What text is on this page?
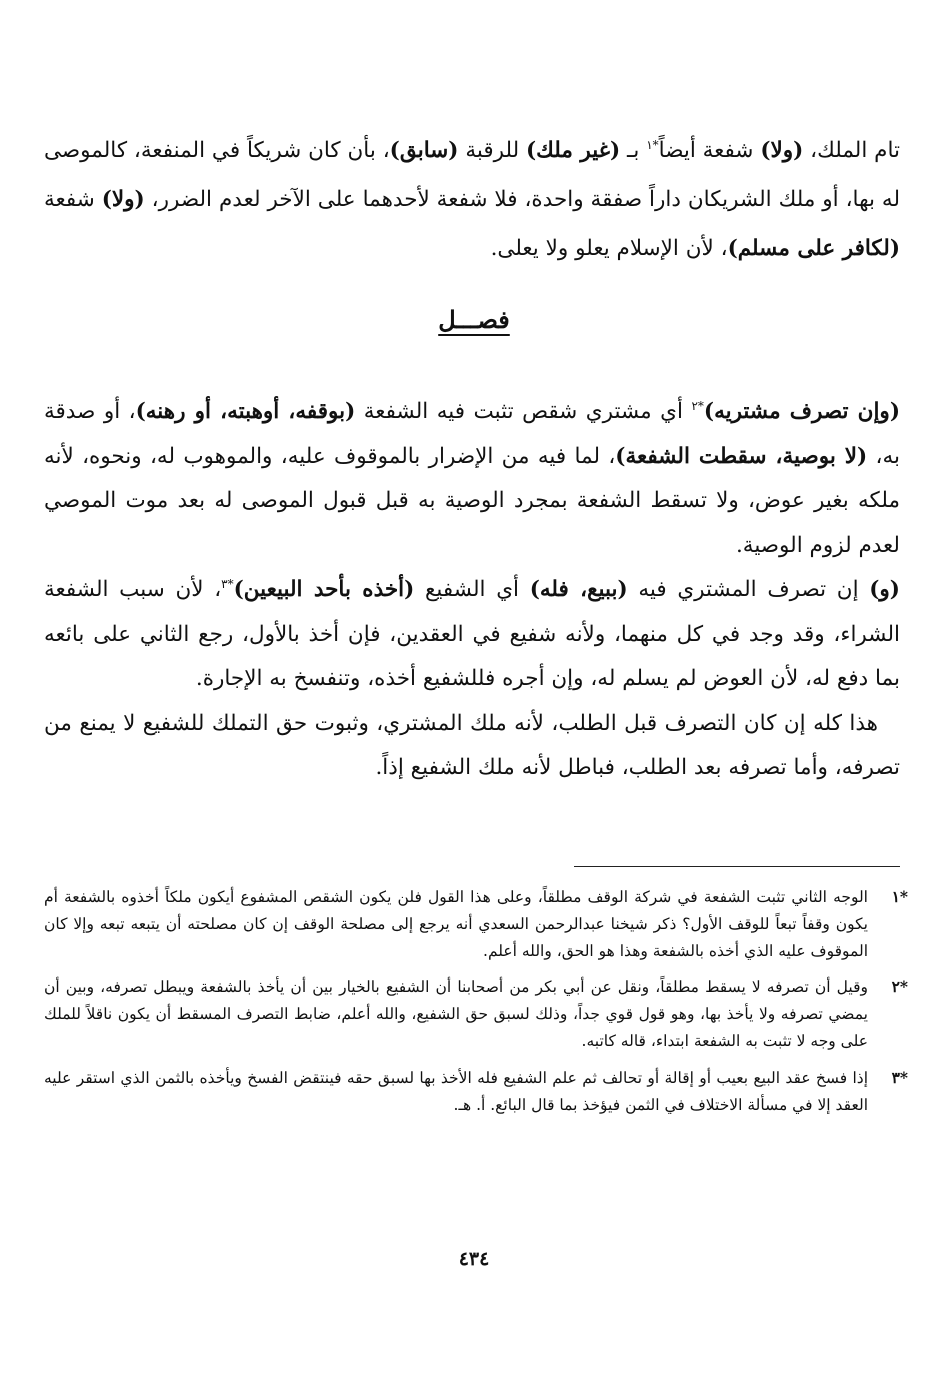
تام الملك، (ولا) شفعة أيضاً$^{*١}$ بـ (غير ملك) للرقبة (سابق)، بأن كان شريكاً في المنفعة، كالموصى له بها، أو ملك الشريكان داراً صفقة واحدة، فلا شفعة لأحدهما على الآخر لعدم الضرر، (ولا) شفعة (لكافر على مسلم)، لأن الإسلام يعلو ولا يعلى.
فصـــل

(وإن تصرف مشتريه)$^{*٢}$ أي مشتري شقص تثبت فيه الشفعة (بوقفه، أوهبته، أو رهنه)، أو صدقة به، (لا بوصية، سقطت الشفعة)، لما فيه من الإضرار بالموقوف عليه، والموهوب له، ونحوه، لأنه ملكه بغير عوض، ولا تسقط الشفعة بمجرد الوصية به قبل قبول الموصى له بعد موت الموصي لعدم لزوم الوصية.

(و) إن تصرف المشتري فيه (ببيع، فله) أي الشفيع (أخذه بأحد البيعين)$^{*٣}$، لأن سبب الشفعة الشراء، وقد وجد في كل منهما، ولأنه شفيع في العقدين، فإن أخذ بالأول، رجع الثاني على بائعه بما دفع له، لأن العوض لم يسلم له، وإن أجره فللشفيع أخذه، وتنفسخ به الإجارة.

هذا كله إن كان التصرف قبل الطلب، لأنه ملك المشتري، وثبوت حق التملك للشفيع لا يمنع من تصرفه، وأما تصرفه بعد الطلب، فباطل لأنه ملك الشفيع إذاً.

*١
الوجه الثاني تثبت الشفعة في شركة الوقف مطلقاً، وعلى هذا القول فلن يكون الشقص المشفوع أيكون ملكاً أخذوه بالشفعة أم يكون وقفاً تبعاً للوقف الأول؟ ذكر شيخنا عبدالرحمن السعدي أنه يرجع إلى مصلحة الوقف إن كان مصلحته أن يتبعه تبعه وإلا كان الموقوف عليه الذي أخذه بالشفعة وهذا هو الحق، والله أعلم.
*٢
وقيل أن تصرفه لا يسقط مطلقاً، ونقل عن أبي بكر من أصحابنا أن الشفيع بالخيار بين أن يأخذ بالشفعة ويبطل تصرفه، وبين أن يمضي تصرفه ولا يأخذ بها، وهو قول قوي جداً، وذلك لسبق حق الشفيع، والله أعلم، ضابط التصرف المسقط أن يكون ناقلاً للملك على وجه لا تثبت به الشفعة ابتداء، قاله كاتبه.
*٣
إذا فسخ عقد البيع بعيب أو إقالة أو تحالف ثم علم الشفيع فله الأخذ بها لسبق حقه فينتقض الفسخ ويأخذه بالثمن الذي استقر عليه العقد إلا في مسألة الاختلاف في الثمن فيؤخذ بما قال البائع. أ. هـ.
٤٣٤
